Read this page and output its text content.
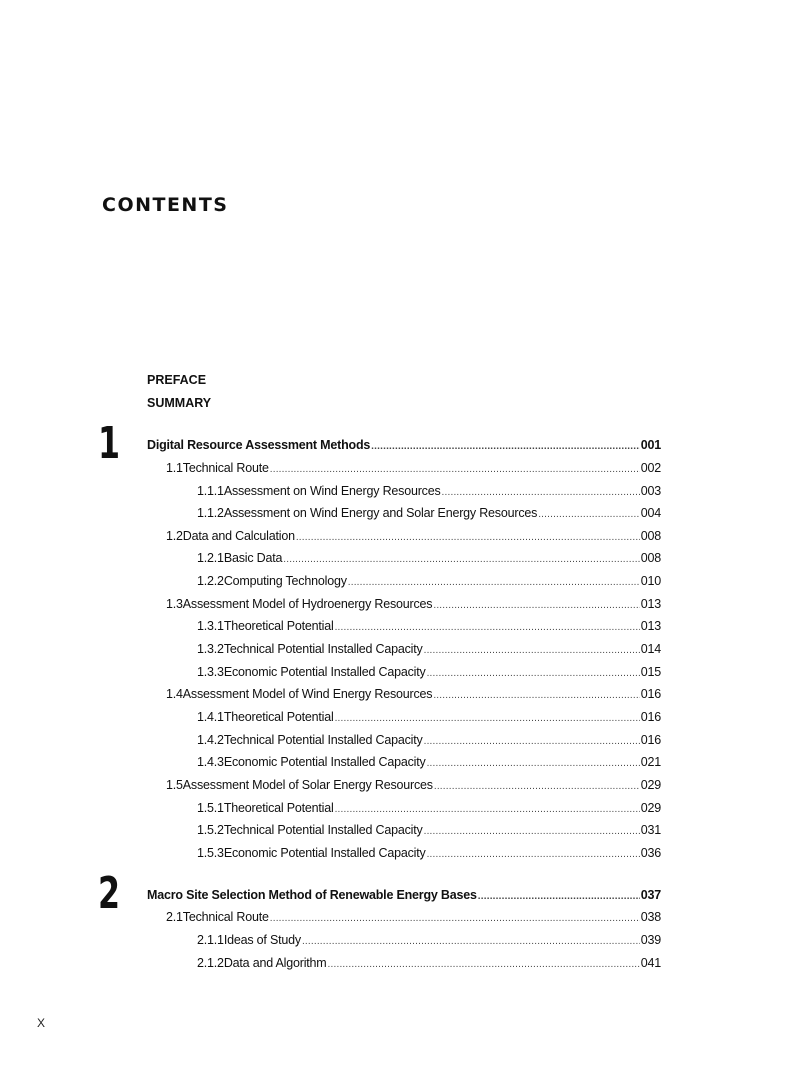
CONTENTS
PREFACE
SUMMARY
1 Digital Resource Assessment Methods .....	001
1.1 Technical Route .....	002
1.1.1 Assessment on Wind Energy Resources .....	003
1.1.2 Assessment on Wind Energy and Solar Energy Resources .....	004
1.2 Data and Calculation .....	008
1.2.1 Basic Data .....	008
1.2.2 Computing Technology .....	010
1.3 Assessment Model of Hydroenergy Resources .....	013
1.3.1 Theoretical Potential .....	013
1.3.2 Technical Potential Installed Capacity .....	014
1.3.3 Economic Potential Installed Capacity .....	015
1.4 Assessment Model of Wind Energy Resources .....	016
1.4.1 Theoretical Potential .....	016
1.4.2 Technical Potential Installed Capacity .....	016
1.4.3 Economic Potential Installed Capacity .....	021
1.5 Assessment Model of Solar Energy Resources .....	029
1.5.1 Theoretical Potential .....	029
1.5.2 Technical Potential Installed Capacity .....	031
1.5.3 Economic Potential Installed Capacity .....	036
2 Macro Site Selection Method of Renewable Energy Bases .....	037
2.1 Technical Route .....	038
2.1.1 Ideas of Study .....	039
2.1.2 Data and Algorithm .....	041
X
